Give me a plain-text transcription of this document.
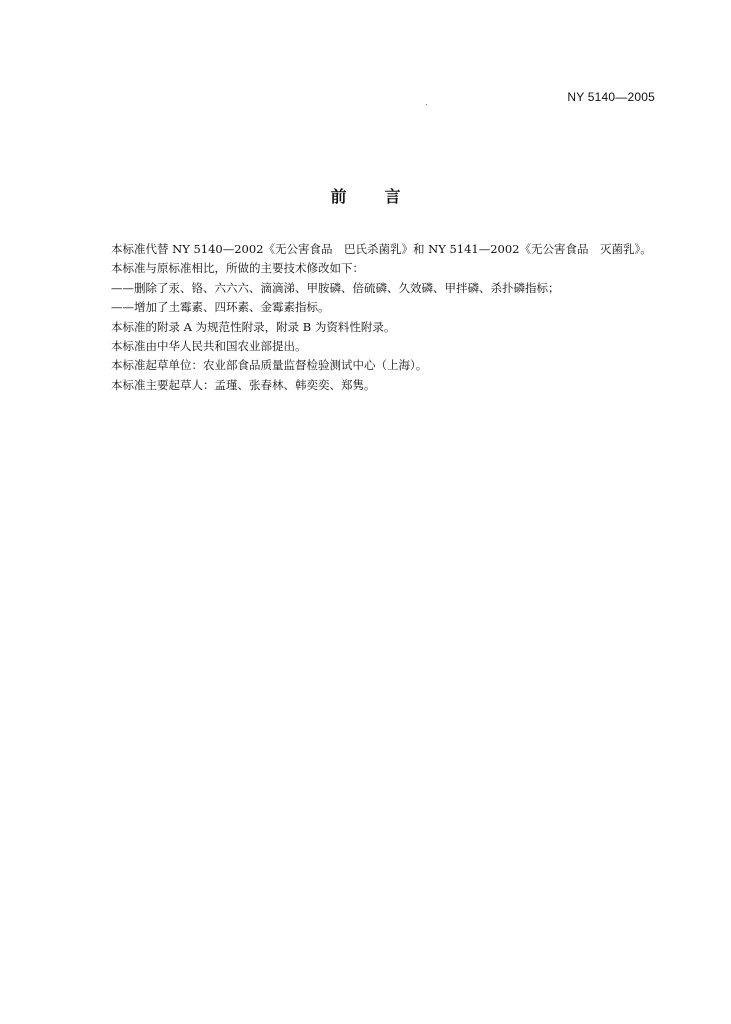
NY 5140—2005
前 言

本标准代替 NY 5140—2002《无公害食品　巴氏杀菌乳》和 NY 5141—2002《无公害食品　灭菌乳》。

本标准与原标准相比，所做的主要技术修改如下：

——删除了汞、铬、六六六、滴滴涕、甲胺磷、倍硫磷、久效磷、甲拌磷、杀扑磷指标；

——增加了土霉素、四环素、金霉素指标。

本标准的附录 A 为规范性附录，附录 B 为资料性附录。

本标准由中华人民共和国农业部提出。

本标准起草单位：农业部食品质量监督检验测试中心（上海）。

本标准主要起草人：孟瑾、张春林、韩奕奕、郑隽。
